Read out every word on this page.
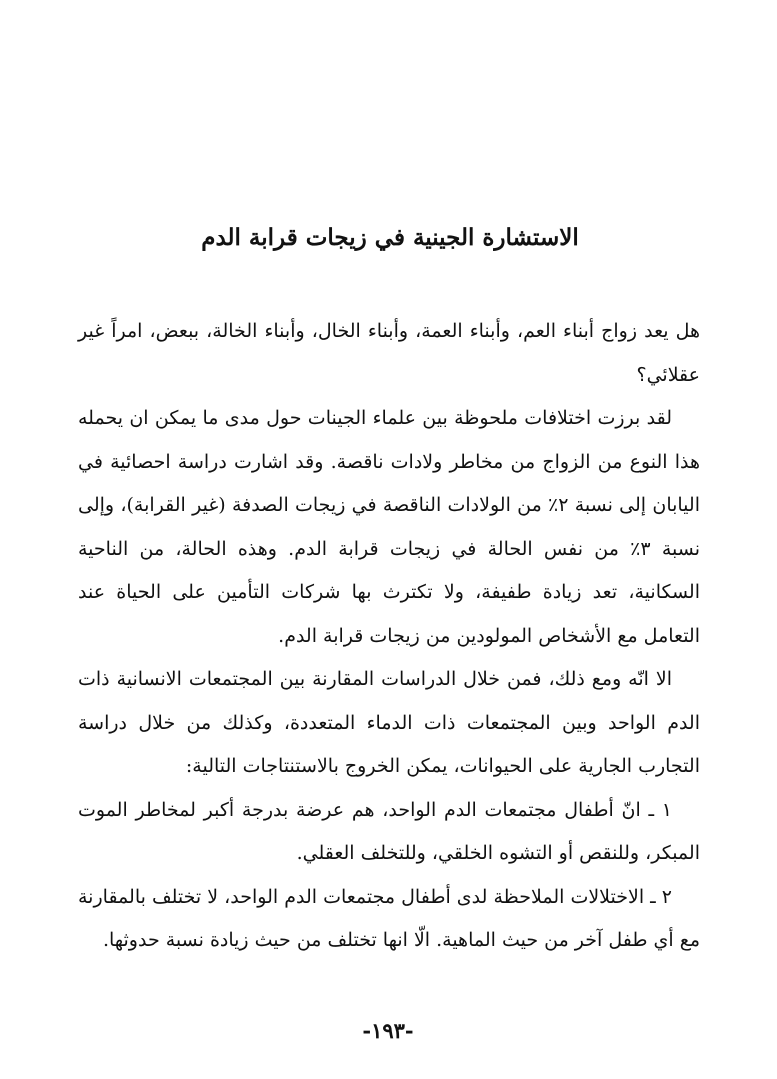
الاستشارة الجينية في زيجات قرابة الدم

هل يعد زواج أبناء العم، وأبناء العمة، وأبناء الخال، وأبناء الخالة، ببعض، امراً غير عقلائي؟

لقد برزت اختلافات ملحوظة بين علماء الجينات حول مدى ما يمكن ان يحمله هذا النوع من الزواج من مخاطر ولادات ناقصة. وقد اشارت دراسة احصائية في اليابان إلى نسبة ٢٪ من الولادات الناقصة في زيجات الصدفة (غير القرابة)، وإلى نسبة ٣٪ من نفس الحالة في زيجات قرابة الدم. وهذه الحالة، من الناحية السكانية، تعد زيادة طفيفة، ولا تكترث بها شركات التأمين على الحياة عند التعامل مع الأشخاص المولودين من زيجات قرابة الدم.

الا انّه ومع ذلك، فمن خلال الدراسات المقارنة بين المجتمعات الانسانية ذات الدم الواحد وبين المجتمعات ذات الدماء المتعددة، وكذلك من خلال دراسة التجارب الجارية على الحيوانات، يمكن الخروج بالاستنتاجات التالية:

١ ـ انّ أطفال مجتمعات الدم الواحد، هم عرضة بدرجة أكبر لمخاطر الموت المبكر، وللنقص أو التشوه الخلقي، وللتخلف العقلي.

٢ ـ الاختلالات الملاحظة لدى أطفال مجتمعات الدم الواحد، لا تختلف بالمقارنة مع أي طفل آخر من حيث الماهية. الّا انها تختلف من حيث زيادة نسبة حدوثها.

-١٩٣-
